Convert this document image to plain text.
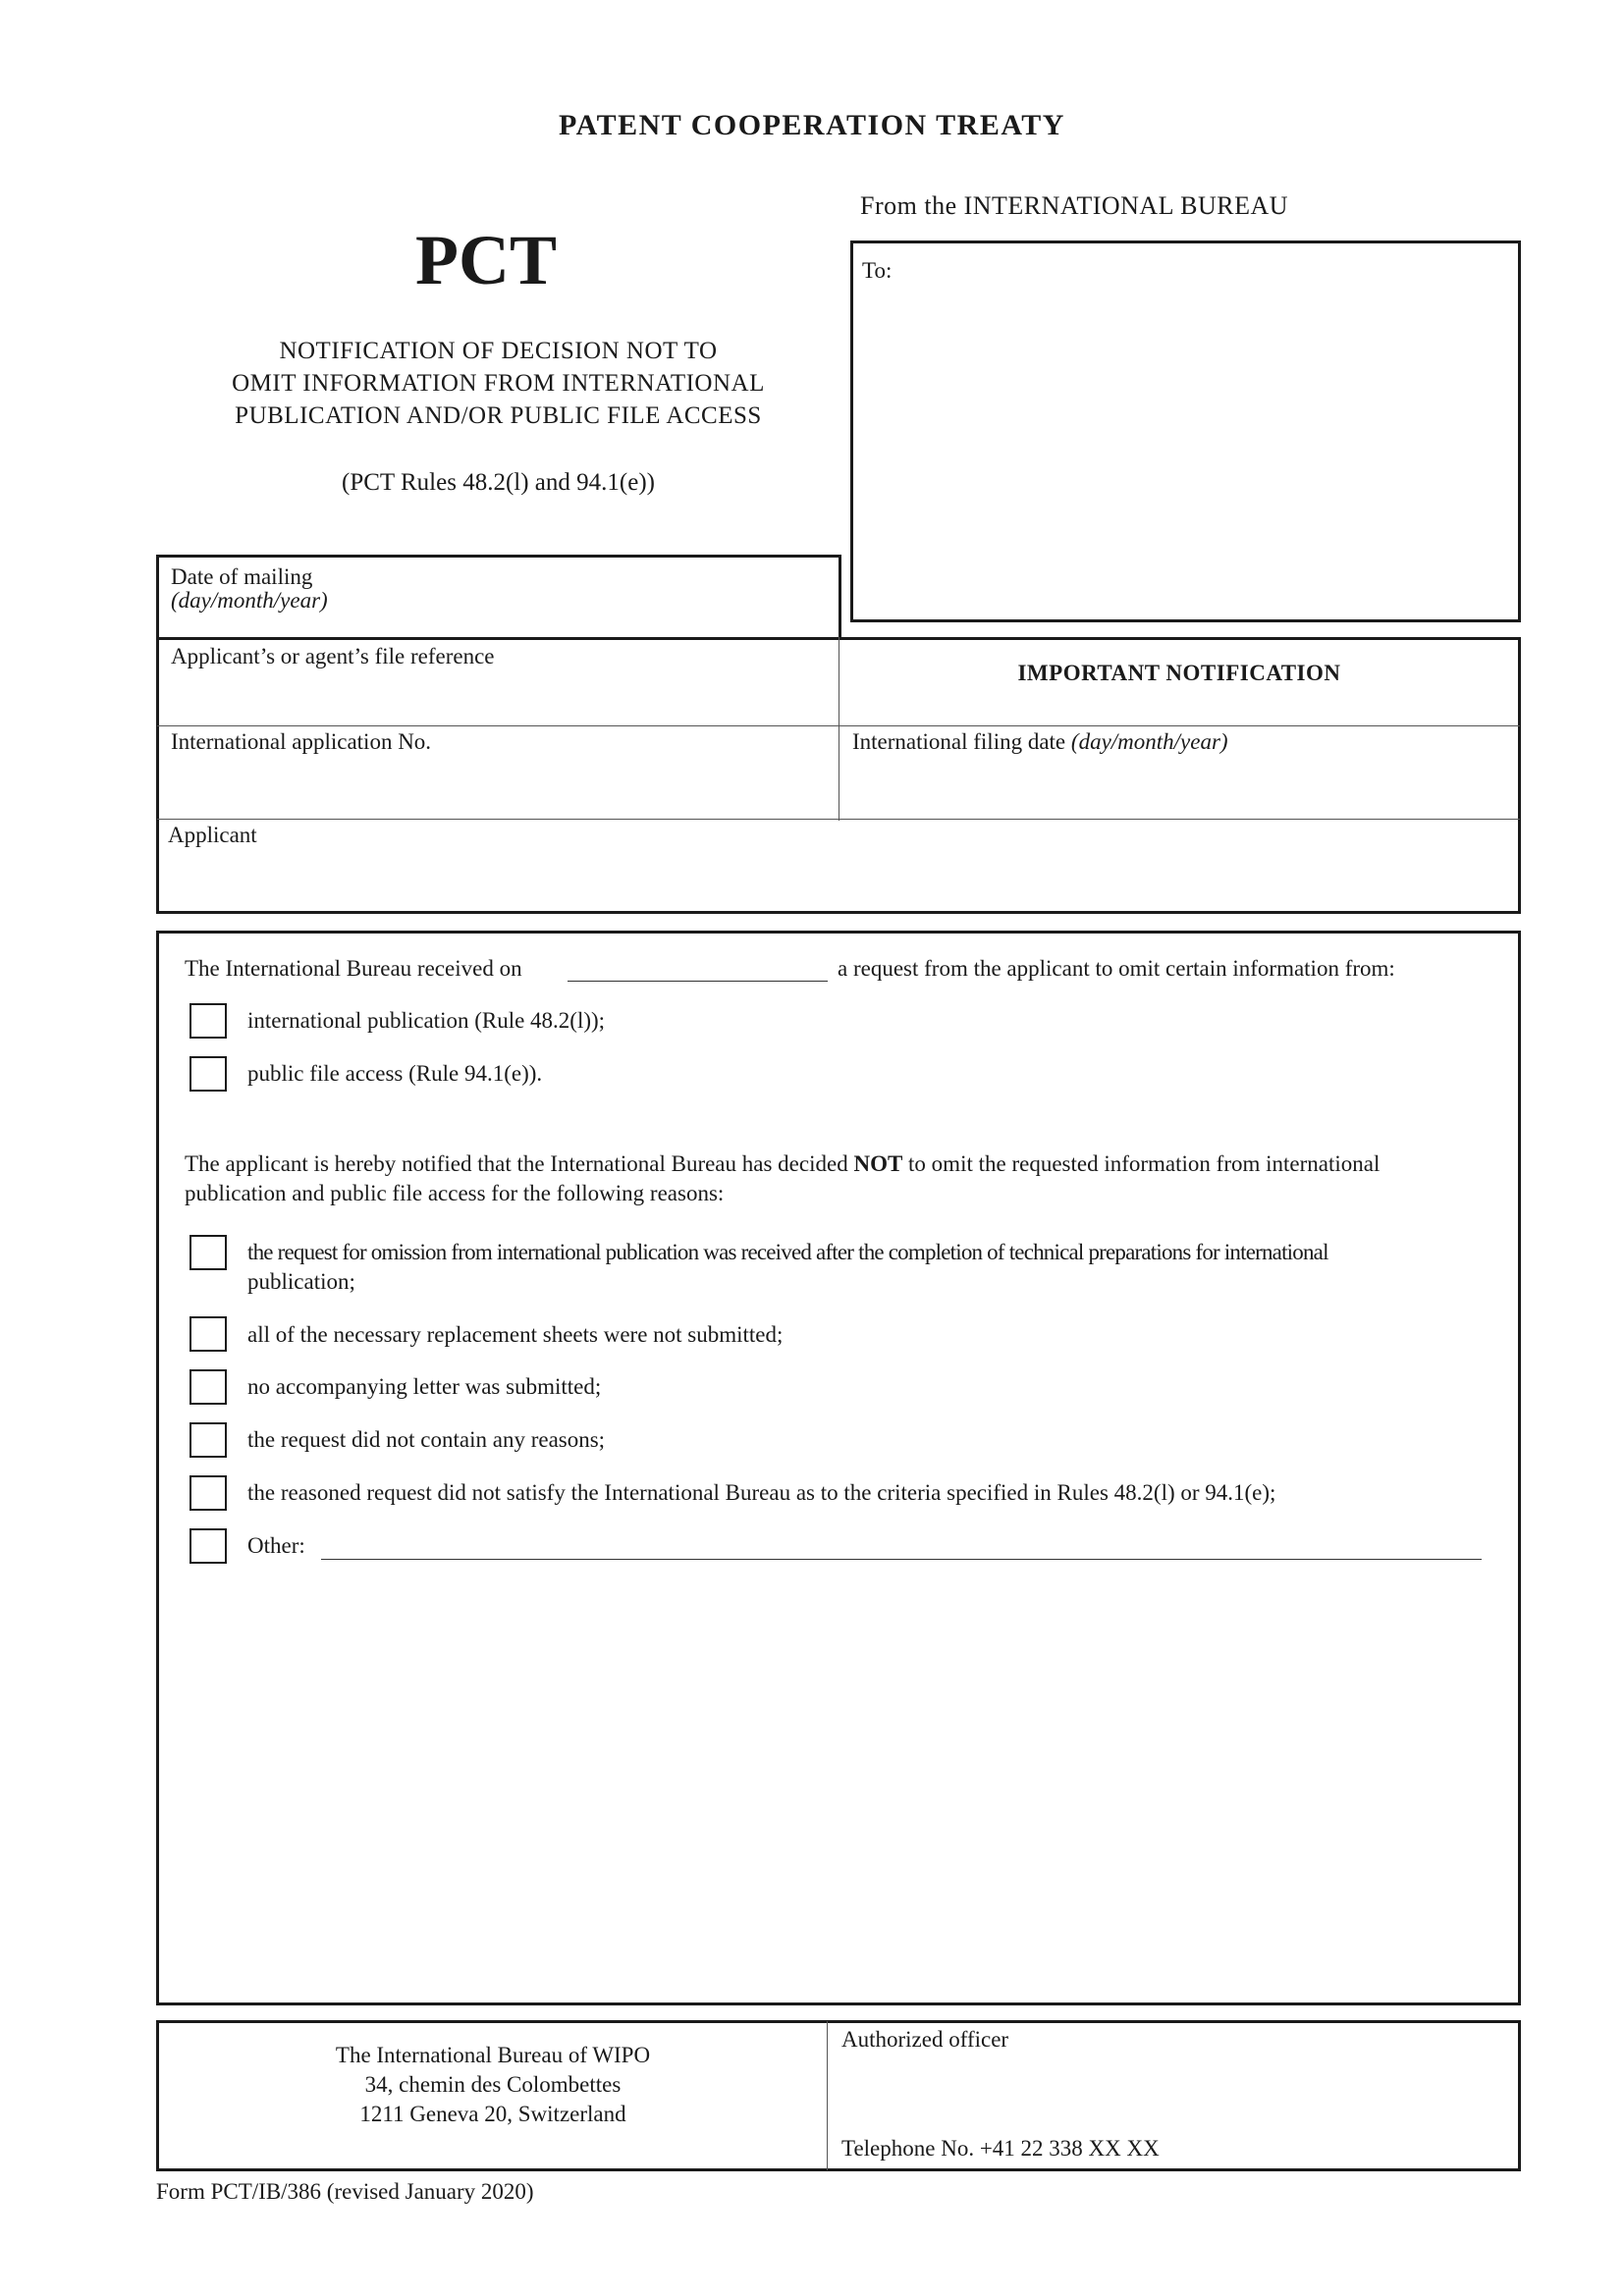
PATENT COOPERATION TREATY
From the INTERNATIONAL BUREAU
PCT
NOTIFICATION OF DECISION NOT TO
OMIT INFORMATION FROM INTERNATIONAL
PUBLICATION AND/OR PUBLIC FILE ACCESS
(PCT Rules 48.2(l) and 94.1(e))
To:
Date of mailing
(day/month/year)
Applicant’s or agent’s file reference
IMPORTANT NOTIFICATION
International application No.	International filing date (day/month/year)
Applicant
The International Bureau received on	a request from the applicant to omit certain information from:
international publication (Rule 48.2(l));
public file access (Rule 94.1(e)).
The applicant is hereby notified that the International Bureau has decided NOT to omit the requested information from international
publication and public file access for the following reasons:
the request for omission from international publication was received after the completion of technical preparations for international
publication;
all of the necessary replacement sheets were not submitted;
no accompanying letter was submitted;
the request did not contain any reasons;
the reasoned request did not satisfy the International Bureau as to the criteria specified in Rules 48.2(l) or 94.1(e);
Other:
The International Bureau of WIPO
34, chemin des Colombettes
1211 Geneva 20, Switzerland
Authorized officer
Telephone No. +41 22 338 XX XX
Form PCT/IB/386 (revised January 2020)
